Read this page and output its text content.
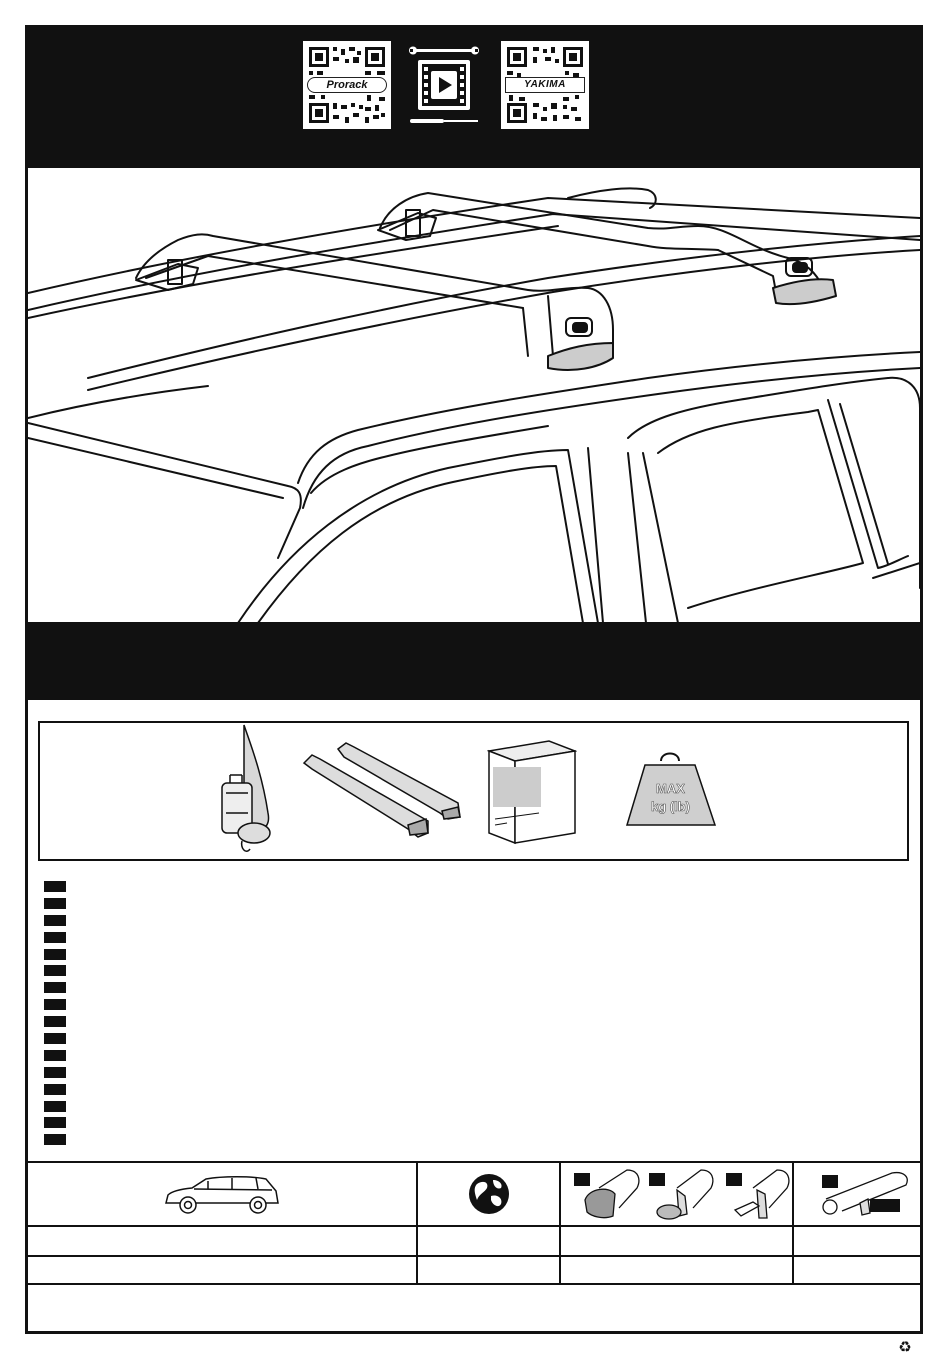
Prorack	YAKIMA
MAX
kg (lb)
♻
